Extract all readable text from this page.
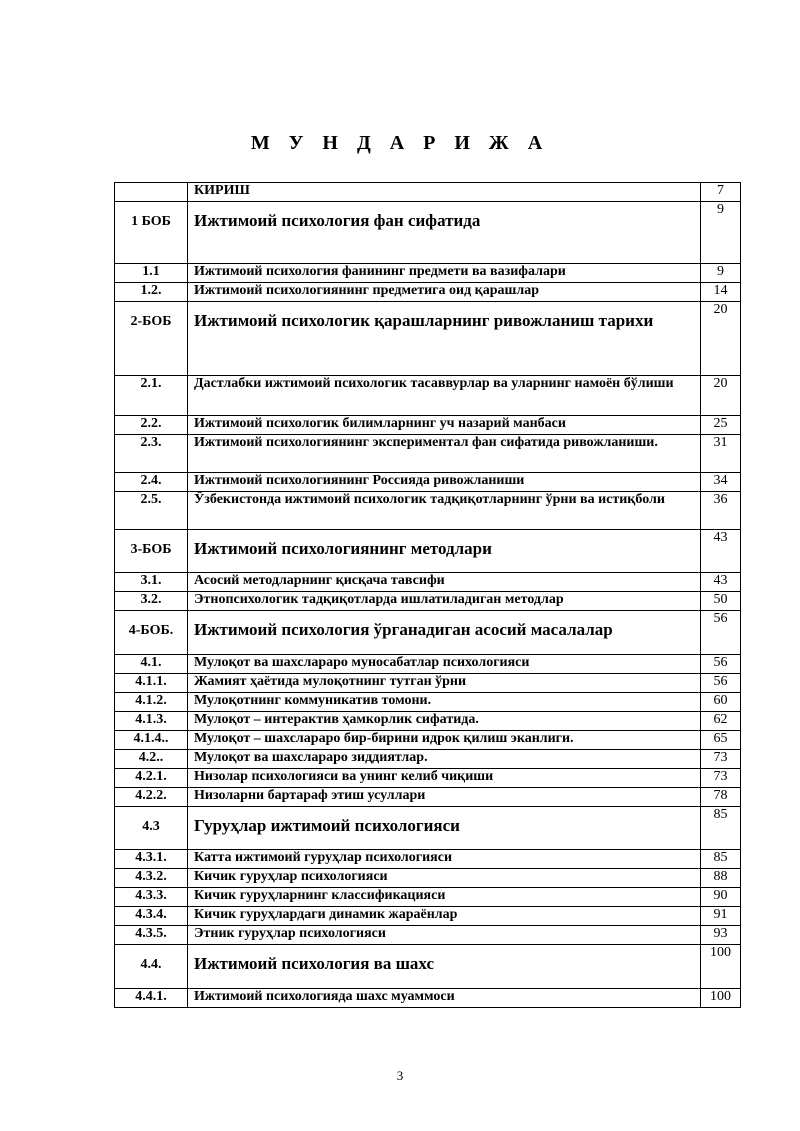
М У Н Д А Р И Ж А
	КИРИШ	7
1 БОБ	Ижтимоий психология фан сифатида	9
1.1	Ижтимоий психология фанининг предмети ва вазифалари	9
1.2.	Ижтимоий психологиянинг предметига оид қарашлар	14
2-БОБ	Ижтимоий психологик қарашларнинг ривожланиш тарихи	20
2.1.	Дастлабки ижтимоий психологик тасаввурлар ва уларнинг намоён бўлиши	20
2.2.	Ижтимоий психологик билимларнинг уч назарий манбаси	25
2.3.	Ижтимоий психологиянинг экспериментал фан сифатида ривожланиши.	31
2.4.	Ижтимоий психологиянинг Россияда ривожланиши	34
2.5.	Ўзбекистонда ижтимоий психологик тадқиқотларнинг ўрни ва истиқболи	36
3-БОБ	Ижтимоий психологиянинг методлари	43
3.1.	Асосий методларнинг қисқача тавсифи	43
3.2.	Этнопсихологик тадқиқотларда ишлатиладиган методлар	50
4-БОБ.	Ижтимоий психология ўрганадиган асосий масалалар	56
4.1.	Мулоқот ва шахслараро муносабатлар психологияси	56
4.1.1.	Жамият ҳаётида мулоқотнинг тутган ўрни	56
4.1.2.	Мулоқотнинг коммуникатив томони.	60
4.1.3.	Мулоқот – интерактив ҳамкорлик сифатида.	62
4.1.4..	Мулоқот – шахслараро бир-бирини идрок қилиш эканлиги.	65
4.2..	Мулоқот ва шахслараро зиддиятлар.	73
4.2.1.	Низолар психологияси ва унинг келиб чиқиши	73
4.2.2.	Низоларни бартараф этиш усуллари	78
4.3	Гуруҳлар ижтимоий психологияси	85
4.3.1.	Катта ижтимоий гуруҳлар психологияси	85
4.3.2.	Кичик гуруҳлар психологияси	88
4.3.3.	Кичик гуруҳларнинг классификацияси	90
4.3.4.	Кичик гуруҳлардаги динамик жараёнлар	91
4.3.5.	Этник гуруҳлар психологияси	93
4.4.	Ижтимоий психология ва шахс	100
4.4.1.	Ижтимоий психологияда шахс муаммоси	100
3
